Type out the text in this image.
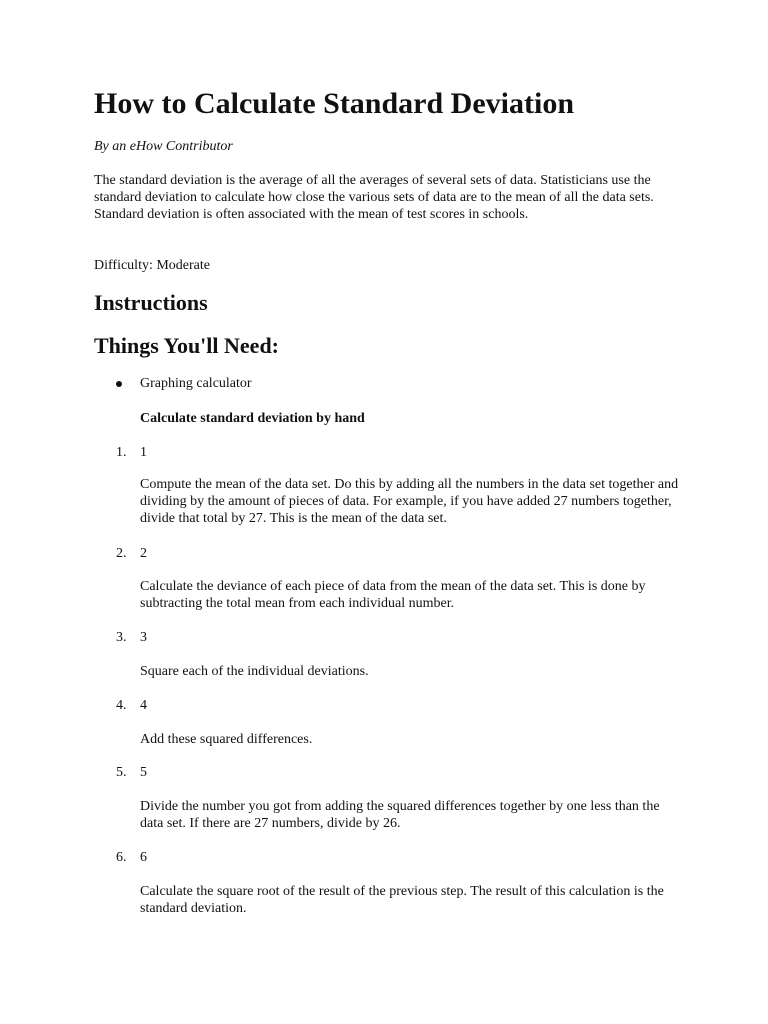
How to Calculate Standard Deviation
By an eHow Contributor

The standard deviation is the average of all the averages of several sets of data. Statisticians use the standard deviation to calculate how close the various sets of data are to the mean of all the data sets. Standard deviation is often associated with the mean of test scores in schools.

Difficulty: Moderate
Instructions
Things You'll Need:
Graphing calculator
Calculate standard deviation by hand
1. 1

Compute the mean of the data set. Do this by adding all the numbers in the data set together and dividing by the amount of pieces of data. For example, if you have added 27 numbers together, divide that total by 27. This is the mean of the data set.

2. 2

Calculate the deviance of each piece of data from the mean of the data set. This is done by subtracting the total mean from each individual number.

3. 3

Square each of the individual deviations.

4. 4

Add these squared differences.

5. 5

Divide the number you got from adding the squared differences together by one less than the data set. If there are 27 numbers, divide by 26.

6. 6

Calculate the square root of the result of the previous step. The result of this calculation is the standard deviation.
